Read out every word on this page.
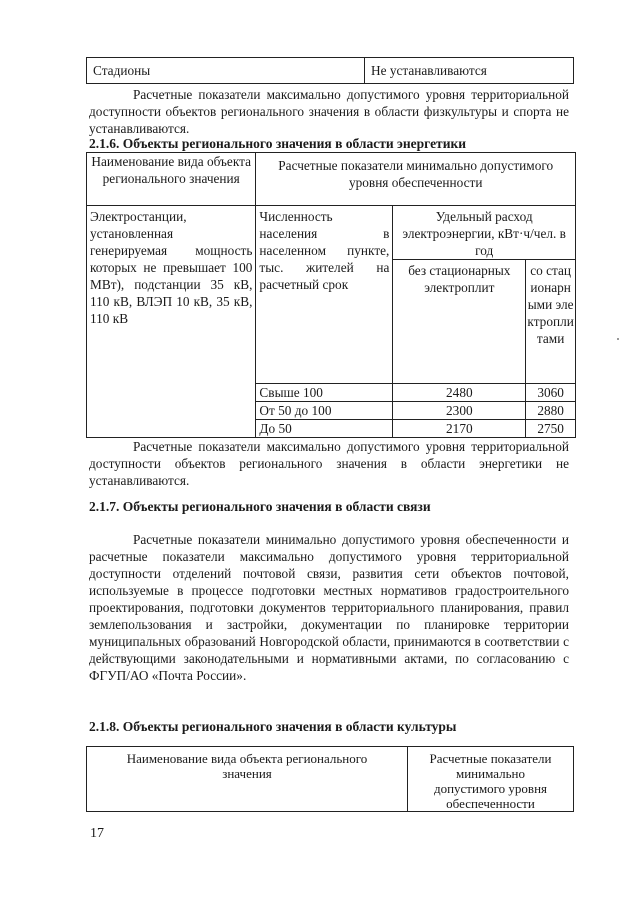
Стадионы	Не устанавливаются

Расчетные показатели максимально допустимого уровня территориальной доступности объектов регионального значения в области физкультуры и спорта не устанавливаются.

2.1.6. Объекты регионального значения в области энергетики

Наименование вида объекта регионального значения	Расчетные показатели минимально допустимого уровня обеспеченности		
Электростанции, установленная генерируемая мощность которых не превышает 100 МВт), подстанции 35 кВ, 110 кВ, ВЛЭП 10 кВ, 35 кВ, 110 кВ	Численность населения в населенном пункте, тыс. жителей на расчетный срок	Удельный расход электроэнергии, кВт·ч/чел. в год	
		без стационарных электроплит	со стационарными электроплитами
	Свыше 100	2480	3060
	От 50 до 100	2300	2880
	До 50	2170	2750

Расчетные показатели максимально допустимого уровня территориальной доступности объектов регионального значения в области энергетики не устанавливаются.

2.1.7. Объекты регионального значения в области связи

Расчетные показатели минимально допустимого уровня обеспеченности и расчетные показатели максимально допустимого уровня территориальной доступности отделений почтовой связи, развития сети объектов почтовой, используемые в процессе подготовки местных нормативов градостроительного проектирования, подготовки документов территориального планирования, правил землепользования и застройки, документации по планировке территории муниципальных образований Новгородской области, принимаются в соответствии с действующими законодательными и нормативными актами, по согласованию с ФГУП/АО «Почта России».

2.1.8. Объекты регионального значения в области культуры

Наименование вида объекта регионального значения	Расчетные показатели минимально допустимого уровня обеспеченности
17
